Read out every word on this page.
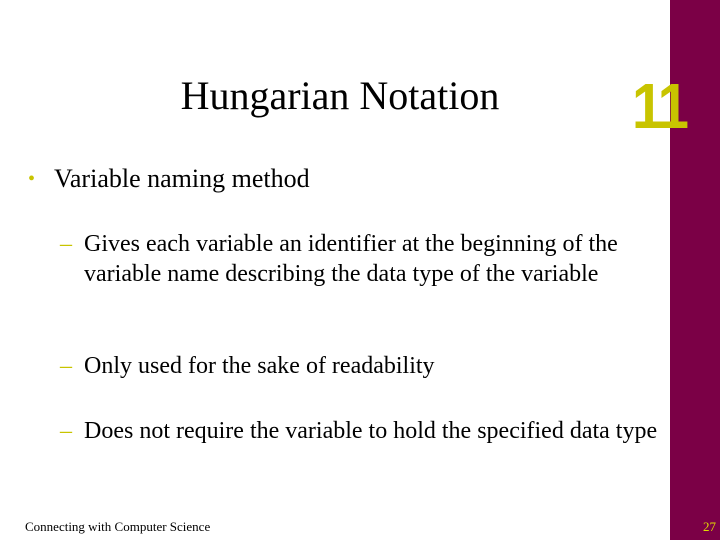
Hungarian Notation	11
• Variable naming method
– Gives each variable an identifier at the beginning of the variable name describing the data type of the variable
– Only used for the sake of readability
– Does not require the variable to hold the specified data type
Connecting with Computer Science	27
